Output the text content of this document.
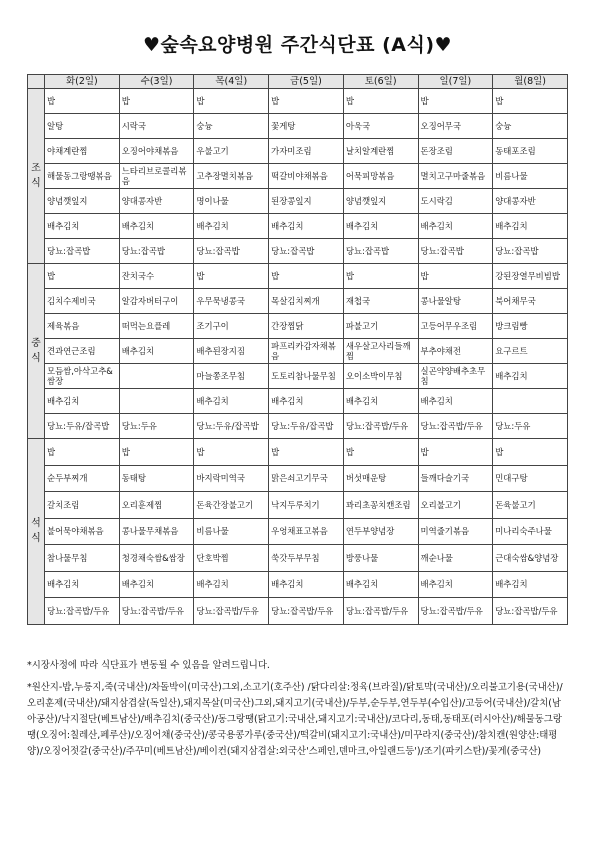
♥숲속요양병원 주간식단표 (A식)♥
	화(2일)	수(3일)	목(4일)	금(5일)	토(6일)	일(7일)	월(8일)

조
식	밥	밥	밥	밥	밥	밥	밥
	알탕	시락국	숭늉	꽃게탕	아욱국	오징어무국	숭늉
	야채계란찜	오징어야채볶음	우불고기	가자미조림	날치알계란찜	돈장조림	동태포조림
	해물동그랑땡볶음	느타리브로콜리볶음	고추장멸치볶음	떡갈비야채볶음	어묵피망볶음	멸치고구마줄볶음	비름나물
	양념깻잎지	양대콩자반	명이나물	된장콩잎지	양념깻잎지	도시락김	양대콩자반
	배추김치	배추김치	배추김치	배추김치	배추김치	배추김치	배추김치
	당뇨:잡곡밥	당뇨:잡곡밥	당뇨:잡곡밥	당뇨:잡곡밥	당뇨:잡곡밥	당뇨:잡곡밥	당뇨:잡곡밥

중
식	밥	잔치국수	밥	밥	밥	밥	강된장열무비빔밥
	김치수제비국	알감자버터구이	우무묵냉콩국	목살김치찌개	재첩국	콩나물알탕	북어채무국
	제육볶음	떠먹는요플레	조기구이	간장찜닭	파불고기	고등어무우조림	방크림빵
	견과연근조림	배추김치	배추된장지짐	파프리카감자채볶음	새우살고사리들깨찜	부추야채전	요구르트
	모듬쌈,아삭고추&쌈장		마늘쫑조무침	도토리참나물무침	오이소박이무침	실곤약양배추초무침	배추김치
	배추김치		배추김치	배추김치	배추김치	배추김치	
	당뇨:두유/잡곡밥	당뇨:두유	당뇨:두유/잡곡밥	당뇨:두유/잡곡밥	당뇨:잡곡밥/두유	당뇨:잡곡밥/두유	당뇨:두유

석
식	밥	밥	밥	밥	밥	밥	밥
	순두부찌개	동태탕	바지락미역국	맑은쇠고기무국	버섯매운탕	들깨다슬기국	민대구탕
	갈치조림	오리훈제찜	돈육간장불고기	낙지두루치기	꽈리초꽁치캔조림	오리불고기	돈육불고기
	불어묵야채볶음	콩나물무채볶음	비름나물	우엉채표고볶음	연두부양념장	미역줄기볶음	미나리숙주나물
	참나물무침	청경채숙쌈&쌈장	단호박찜	쑥갓두부무침	방풍나물	깨순나물	근대숙쌈&양념장
	배추김치	배추김치	배추김치	배추김치	배추김치	배추김치	배추김치
	당뇨:잡곡밥/두유	당뇨:잡곡밥/두유	당뇨:잡곡밥/두유	당뇨:잡곡밥/두유	당뇨:잡곡밥/두유	당뇨:잡곡밥/두유	당뇨:잡곡밥/두유
*시장사정에 따라 식단표가 변동될 수 있음을 알려드립니다.
*원산지-밥,누룽지,죽(국내산)/차돌박이(미국산)그외,소고기(호주산) /닭다리살:정육(브라질)/닭토막(국내산)/오리불고기용(국내산)/오리훈제(국내산)/돼지삼겹살(독일산),돼지목살(미국산)그외,돼지고기(국내산)/두부,순두부,연두부(수입산)/고등어(국내산)/갈치(남아공산)/낙지절단(베트남산)/배추김치(중국산)/동그랑땡(닭고기:국내산,돼지고기:국내산)/코다리,동태,동태포(러시아산)/해물동그랑땡(오징어:칠레산,페루산)/오징어채(중국산)/콩국용콩가루(중국산)/떡갈비(돼지고기:국내산)/미꾸라지(중국산)/참치캔(원양산:태평양)/오징어젓갈(중국산)/주꾸미(베트남산)/베이컨(돼지삼겹살:외국산'스페인,덴마크,아일랜드등')/조기(파키스탄)/꽃게(중국산)
